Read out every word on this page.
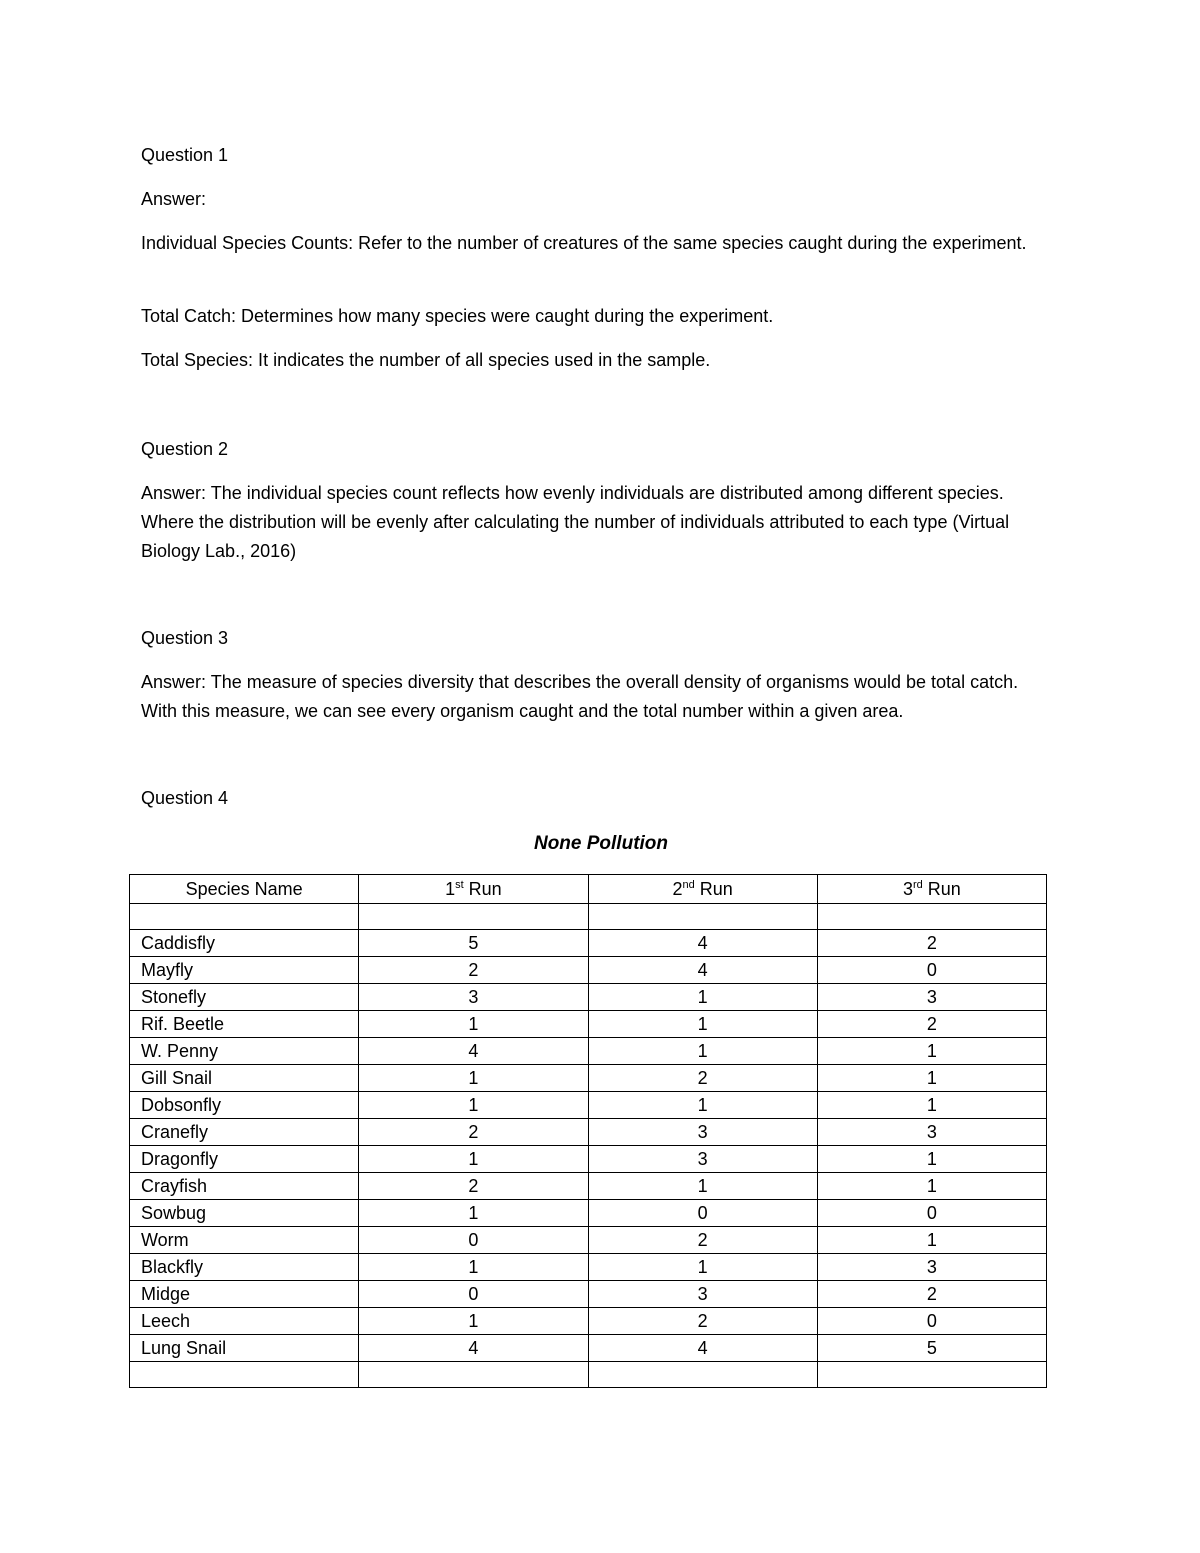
Question 1

Answer:

Individual Species Counts: Refer to the number of creatures of the same species caught during the experiment.

Total Catch: Determines how many species were caught during the experiment.

Total Species: It indicates the number of all species used in the sample.

Question 2

Answer: The individual species count reflects how evenly individuals are distributed among different species. Where the distribution will be evenly after calculating the number of individuals attributed to each type (Virtual Biology Lab., 2016)

Question 3

Answer: The measure of species diversity that describes the overall density of organisms would be total catch. With this measure, we can see every organism caught and the total number within a given area.

Question 4

None Pollution

Species Name	1st Run	2nd Run	3rd Run

Caddisfly	5	4	2
Mayfly	2	4	0
Stonefly	3	1	3
Rif. Beetle	1	1	2
W. Penny	4	1	1
Gill Snail	1	2	1
Dobsonfly	1	1	1
Cranefly	2	3	3
Dragonfly	1	3	1
Crayfish	2	1	1
Sowbug	1	0	0
Worm	0	2	1
Blackfly	1	1	3
Midge	0	3	2
Leech	1	2	0
Lung Snail	4	4	5
